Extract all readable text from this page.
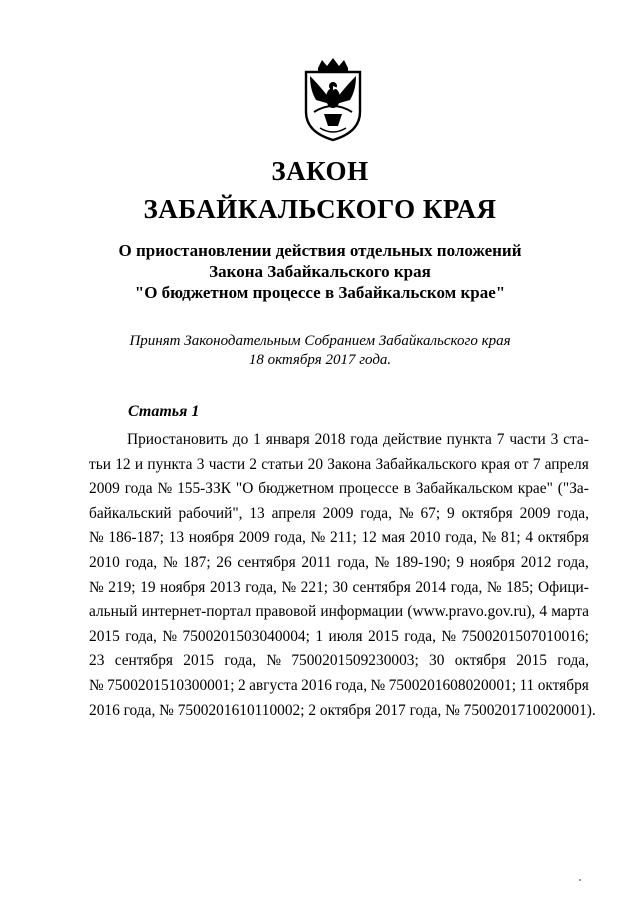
ЗАКОН
ЗАБАЙКАЛЬСКОГО КРАЯ
О приостановлении действия отдельных положений
Закона Забайкальского края
"О бюджетном процессе в Забайкальском крае"
Принят Законодательным Собранием Забайкальского края
18 октября 2017 года.
Статья 1
Приостановить до 1 января 2018 года действие пункта 7 части 3 ста-
тьи 12 и пункта 3 части 2 статьи 20 Закона Забайкальского края от 7 апреля
2009 года № 155-ЗЗК "О бюджетном процессе в Забайкальском крае" ("За-
байкальский рабочий", 13 апреля 2009 года, № 67; 9 октября 2009 года,
№ 186-187; 13 ноября 2009 года, № 211; 12 мая 2010 года, № 81; 4 октября
2010 года, № 187; 26 сентября 2011 года, № 189-190; 9 ноября 2012 года,
№ 219; 19 ноября 2013 года, № 221; 30 сентября 2014 года, № 185; Офици-
альный интернет-портал правовой информации (www.pravo.gov.ru), 4 марта
2015 года, № 7500201503040004; 1 июля 2015 года, № 7500201507010016;
23 сентября 2015 года, № 7500201509230003; 30 октября 2015 года,
№ 7500201510300001; 2 августа 2016 года, № 7500201608020001; 11 октября
2016 года, № 7500201610110002; 2 октября 2017 года, № 7500201710020001).
